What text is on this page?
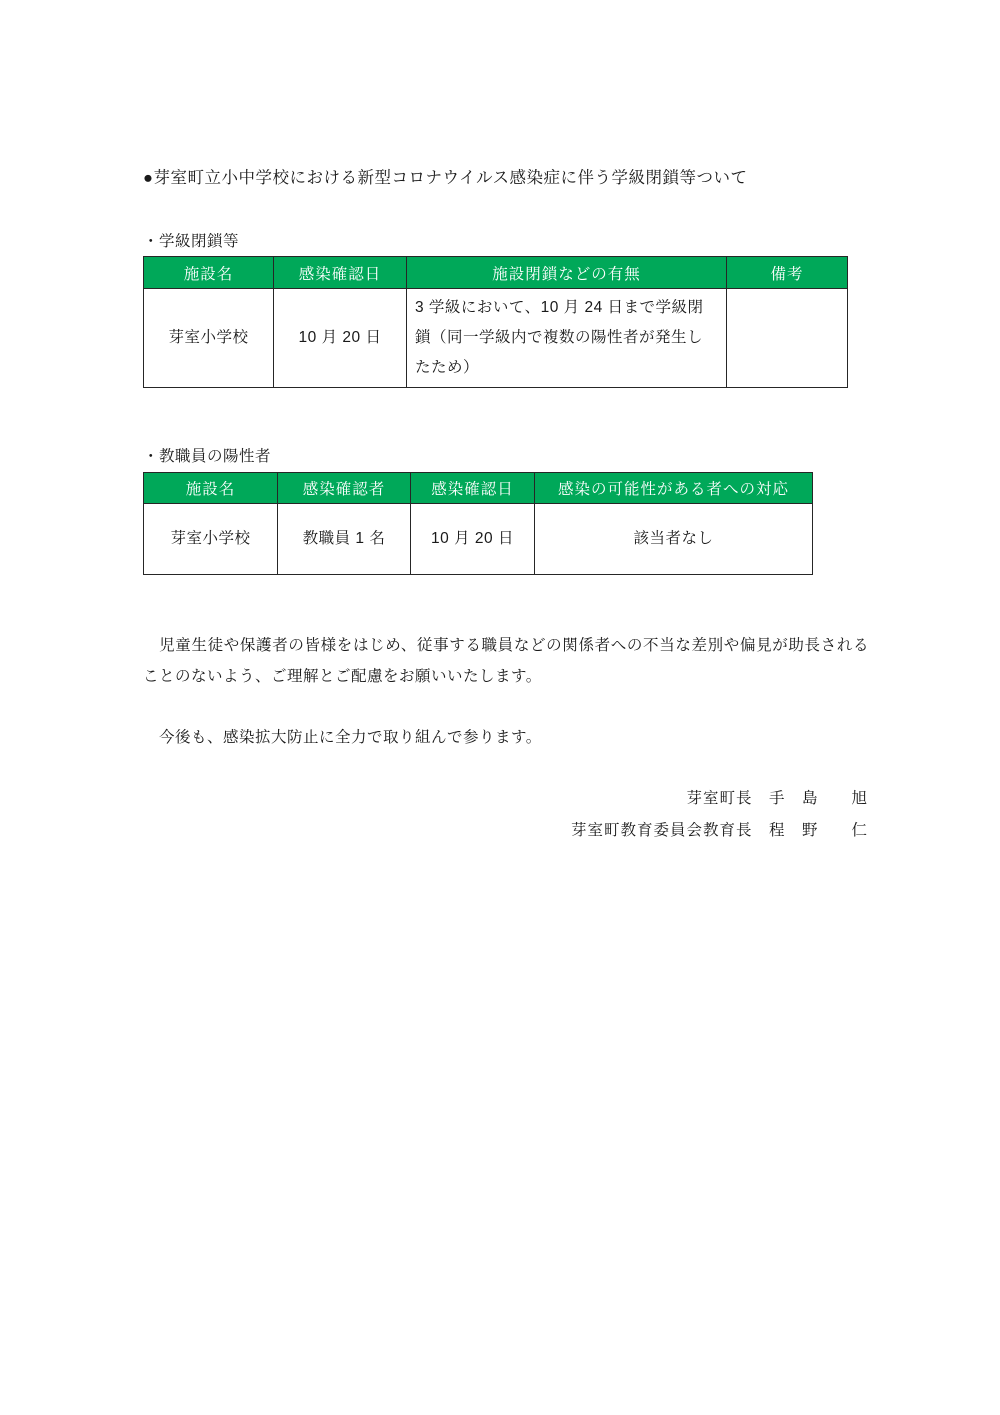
●芽室町立小中学校における新型コロナウイルス感染症に伴う学級閉鎖等ついて
・学級閉鎖等
施設名	感染確認日	施設閉鎖などの有無	備考
芽室小学校	10 月 20 日	3 学級において、10 月 24 日まで学級閉鎖（同一学級内で複数の陽性者が発生したため）	
・教職員の陽性者
施設名	感染確認者	感染確認日	感染の可能性がある者への対応
芽室小学校	教職員 1 名	10 月 20 日	該当者なし
　児童生徒や保護者の皆様をはじめ、従事する職員などの関係者への不当な差別や偏見が助長されることのないよう、ご理解とご配慮をお願いいたします。
　今後も、感染拡大防止に全力で取り組んで参ります。
芽室町長　手　島　　旭
芽室町教育委員会教育長　程　野　　仁
